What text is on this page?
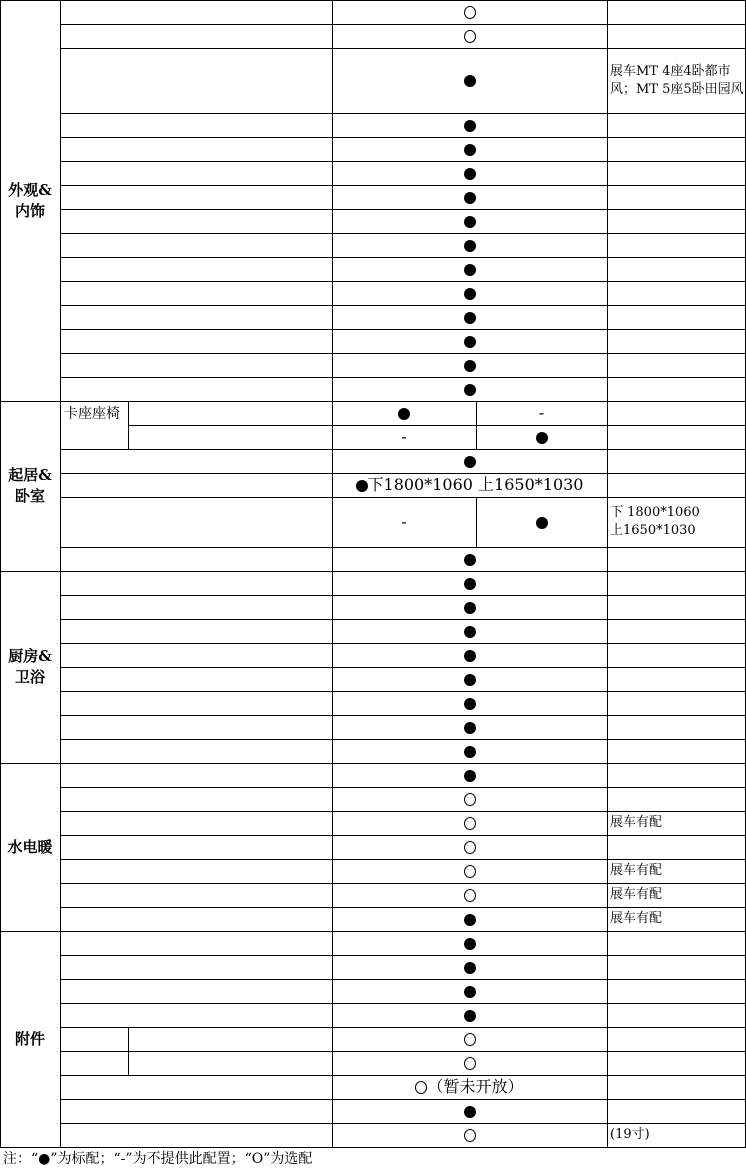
外观&
内饰
起居&
卧室
厨房&
卫浴
水电暖
附件
展车MT 4座4卧都市风；MT 5座5卧田园风
-
-
下1800*1060 上1650*1030
-	下 1800*1060
上1650*1030
展车有配
展车有配
展车有配
展车有配
（暂未开放）
(19寸)
卡座座椅
注：“●”为标配；“-”为不提供此配置；“O”为选配
